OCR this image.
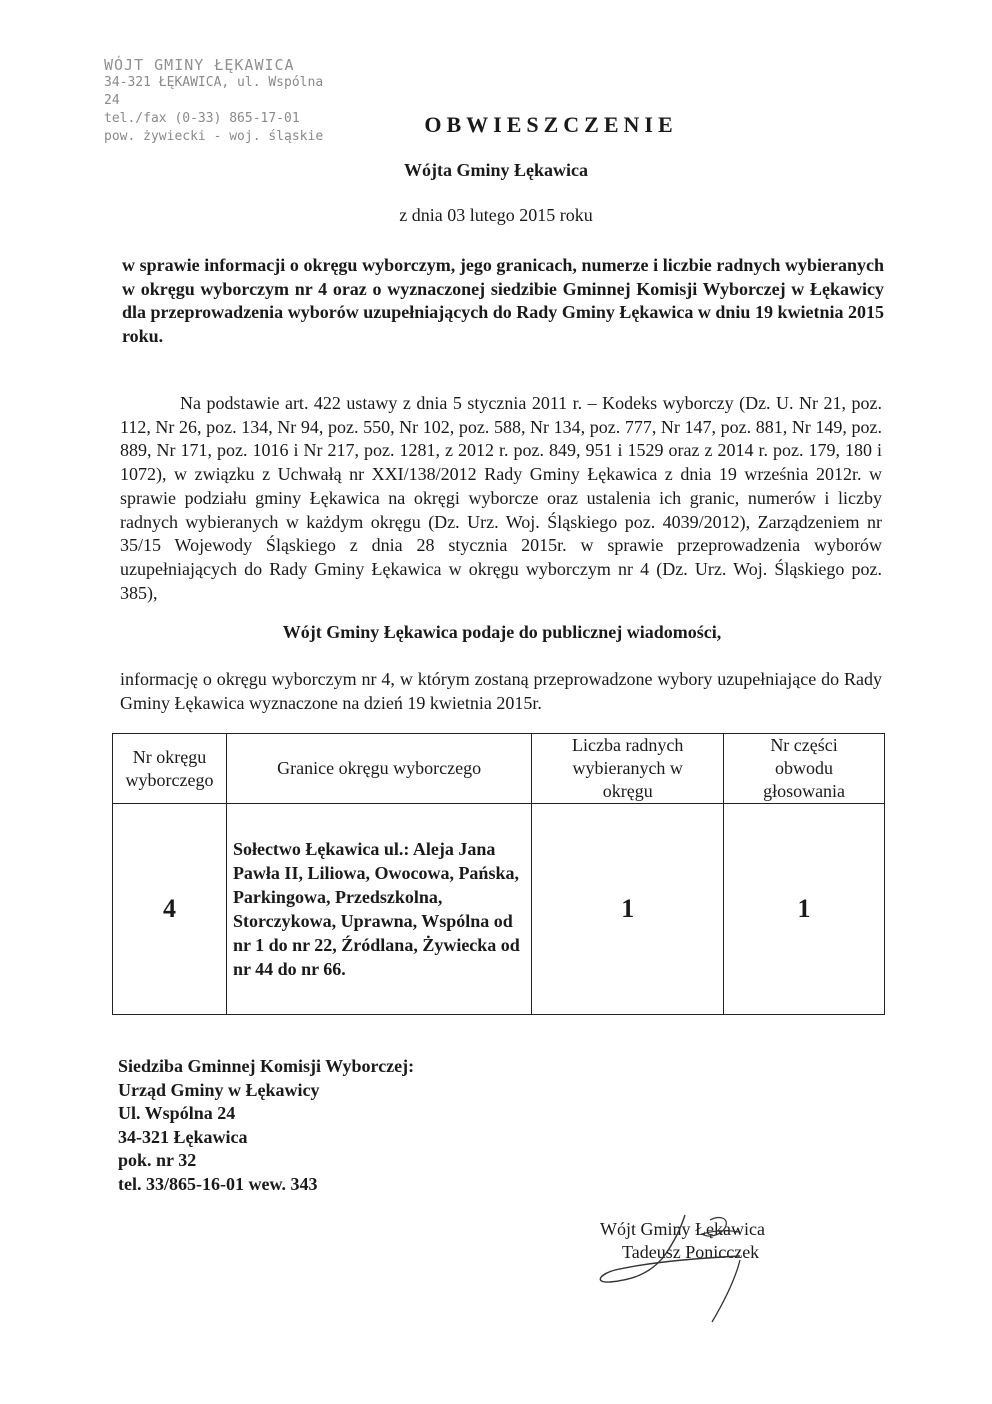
WÓJT GMINY ŁĘKAWICA
34-321 ŁĘKAWICA, ul. Wspólna 24
tel./fax (0-33) 865-17-01
pow. żywiecki - woj. śląskie	OBWIESZCZENIE
Wójta Gminy Łękawica
z dnia 03 lutego 2015 roku
w sprawie informacji o okręgu wyborczym, jego granicach, numerze i liczbie radnych wybieranych w okręgu wyborczym nr 4 oraz o wyznaczonej siedzibie Gminnej Komisji Wyborczej w Łękawicy dla przeprowadzenia wyborów uzupełniających do Rady Gminy Łękawica w dniu 19 kwietnia 2015 roku.
Na podstawie art. 422 ustawy z dnia 5 stycznia 2011 r. – Kodeks wyborczy (Dz. U. Nr 21, poz. 112, Nr 26, poz. 134, Nr 94, poz. 550, Nr 102, poz. 588, Nr 134, poz. 777, Nr 147, poz. 881, Nr 149, poz. 889, Nr 171, poz. 1016 i Nr 217, poz. 1281, z 2012 r. poz. 849, 951 i 1529 oraz z 2014 r. poz. 179, 180 i 1072), w związku z Uchwałą nr XXI/138/2012 Rady Gminy Łękawica z dnia 19 września 2012r. w sprawie podziału gminy Łękawica na okręgi wyborcze oraz ustalenia ich granic, numerów i liczby radnych wybieranych w każdym okręgu (Dz. Urz. Woj. Śląskiego poz. 4039/2012), Zarządzeniem nr 35/15 Wojewody Śląskiego z dnia 28 stycznia 2015r. w sprawie przeprowadzenia wyborów uzupełniających do Rady Gminy Łękawica w okręgu wyborczym nr 4 (Dz. Urz. Woj. Śląskiego poz. 385),
Wójt Gminy Łękawica podaje do publicznej wiadomości,
informację o okręgu wyborczym nr 4, w którym zostaną przeprowadzone wybory uzupełniające do Rady Gminy Łękawica wyznaczone na dzień 19 kwietnia 2015r.
Nr okręgu wyborczego	Granice okręgu wyborczego	Liczba radnych wybieranych w okręgu	Nr części obwodu głosowania
4	Sołectwo Łękawica ul.: Aleja Jana Pawła II, Liliowa, Owocowa, Pańska, Parkingowa, Przedszkolna, Storczykowa, Uprawna, Wspólna od nr 1 do nr 22, Źródlana, Żywiecka od nr 44 do nr 66.	1	1
Siedziba Gminnej Komisji Wyborczej:
Urząd Gminy w Łękawicy
Ul. Wspólna 24
34-321 Łękawica
pok. nr 32
tel. 33/865-16-01 wew. 343
Wójt Gminy Łękawica
Tadeusz Ponicczek
